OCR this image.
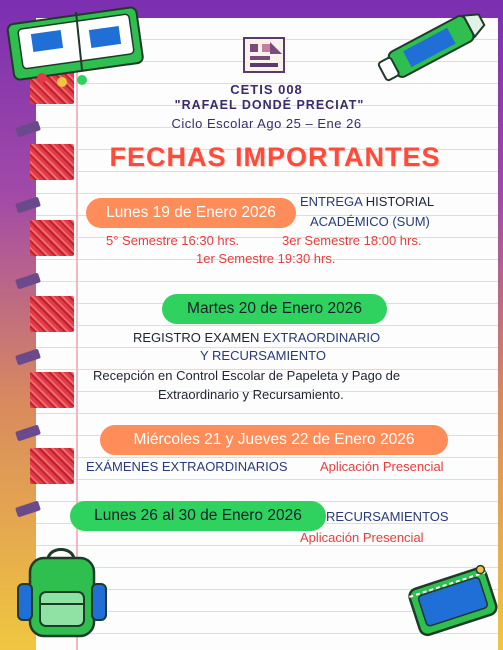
CETIS 008
"RAFAEL DONDÉ PRECIAT"
Ciclo Escolar Ago 25 – Ene 26
FECHAS IMPORTANTES
Lunes 19 de Enero 2026
ENTREGA HISTORIAL
ACADÉMICO (SUM)
5° Semestre 16:30 hrs.	3er Semestre 18:00 hrs.
1er Semestre 19:30 hrs.
Martes 20 de Enero 2026
REGISTRO EXAMEN EXTRAORDINARIO
Y RECURSAMIENTO
Recepción en Control Escolar de Papeleta y Pago de
Extraordinario y Recursamiento.
Miércoles 21 y Jueves 22 de Enero 2026
EXÁMENES EXTRAORDINARIOS Aplicación Presencial
Lunes 26 al 30 de Enero 2026 RECURSAMIENTOS
Aplicación Presencial
